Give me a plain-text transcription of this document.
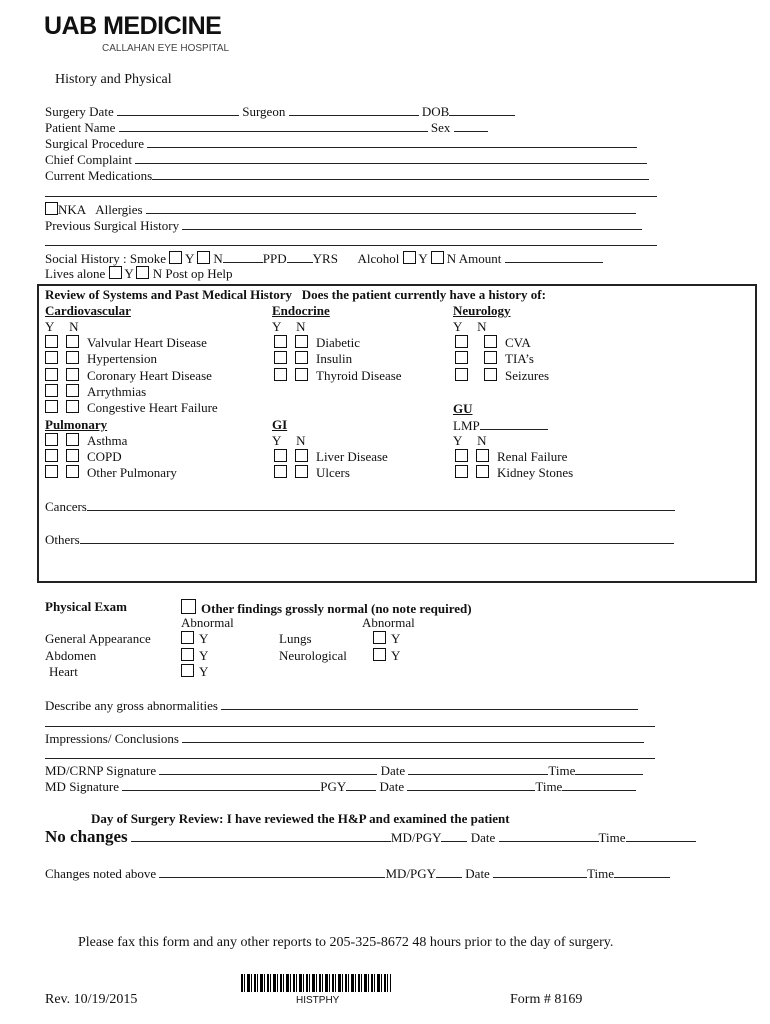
UAB MEDICINE
CALLAHAN EYE HOSPITAL
History and Physical
Surgery Date	Surgeon	DOB
Patient Name	Sex
Surgical Procedure
Chief Complaint
Current Medications
NKA Allergies
Previous Surgical History
Social History : Smoke Y N	PPD YRS Alcohol Y N Amount
Lives alone Y N Post op Help
Review of Systems and Past Medical History Does the patient currently have a history of:
Cardiovascular
Y N
Valvular Heart Disease
Hypertension
Coronary Heart Disease
Arrythmias
Congestive Heart Failure
Pulmonary
Asthma
COPD
Other Pulmonary
Endocrine
Y N
Diabetic
Insulin
Thyroid Disease
GI
Y N
Liver Disease
Ulcers
Neurology
Y N
CVA
TIA’s
Seizures
GU
LMP
Y N
Renal Failure
Kidney Stones
Cancers
Others
Physical Exam	Other findings grossly normal (no note required)
Abnormal	Abnormal
General Appearance	Y	Lungs	Y
Abdomen	Y	Neurological	Y
Heart	Y
Describe any gross abnormalities
Impressions/ Conclusions
MD/CRNP Signature	Date	Time
MD Signature	PGY	Date	Time
Day of Surgery Review: I have reviewed the H&P and examined the patient
No changes	MD/PGY Date	Time
Changes noted above	MD/PGY Date	Time
Please fax this form and any other reports to 205-325-8672 48 hours prior to the day of surgery.
HISTPHY
Rev. 10/19/2015	Form # 8169
